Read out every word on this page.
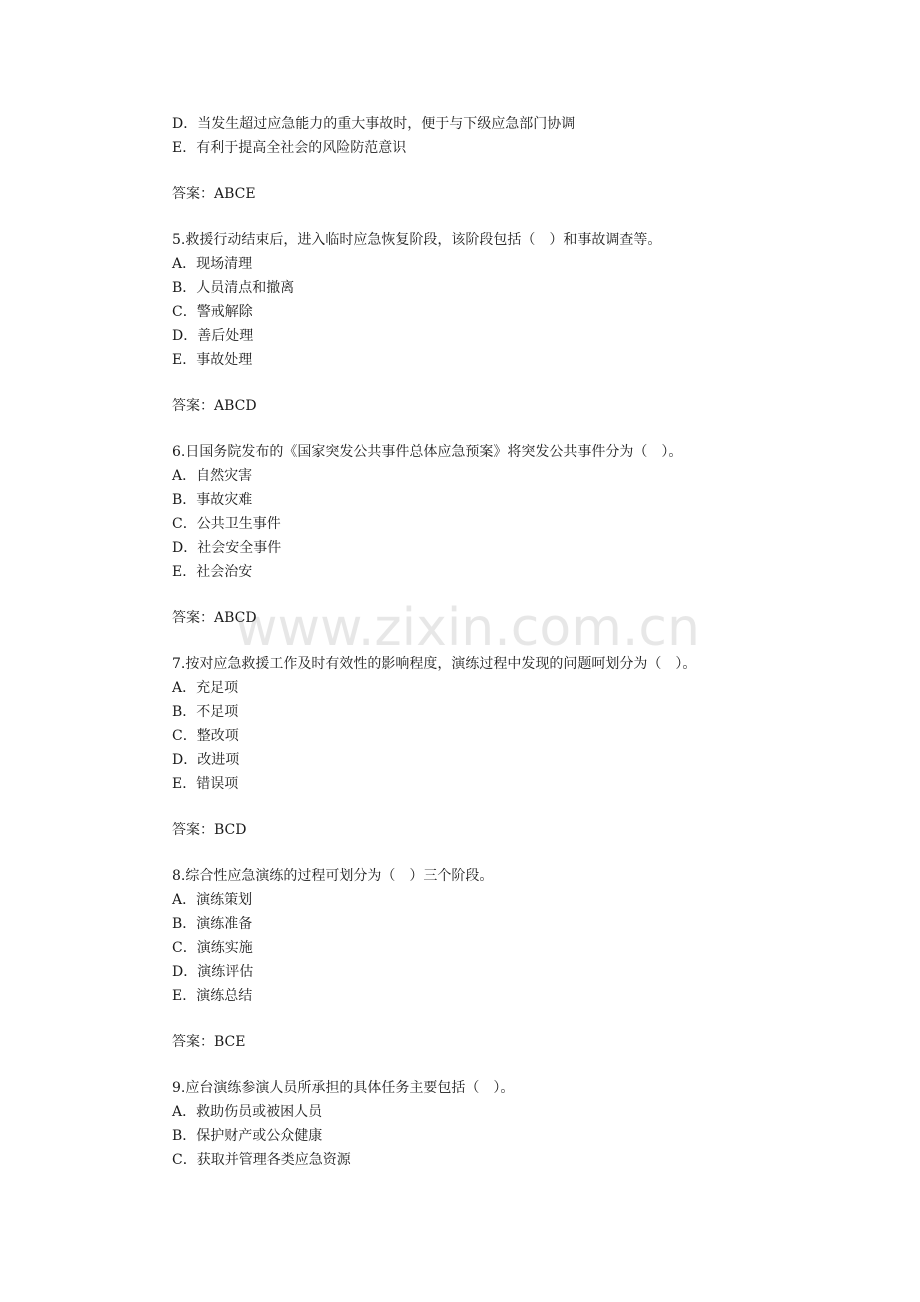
D．当发生超过应急能力的重大事故时，便于与下级应急部门协调
E．有利于提高全社会的风险防范意识
答案：ABCE
5.救援行动结束后，进入临时应急恢复阶段，该阶段包括（　）和事故调查等。
A．现场清理
B．人员清点和撤离
C．警戒解除
D．善后处理
E．事故处理
答案：ABCD
6.日国务院发布的《国家突发公共事件总体应急预案》将突发公共事件分为（　）。
A．自然灾害
B．事故灾难
C．公共卫生事件
D．社会安全事件
E．社会治安
答案：ABCD
7.按对应急救援工作及时有效性的影响程度，演练过程中发现的问题呵划分为（　）。
A．充足项
B．不足项
C．整改项
D．改进项
E．错误项
答案：BCD
8.综合性应急演练的过程可划分为（　）三个阶段。
A．演练策划
B．演练准备
C．演练实施
D．演练评估
E．演练总结
答案：BCE
9.应台演练参演人员所承担的具体任务主要包括（　）。
A．救助伤员或被困人员
B．保护财产或公众健康
C．获取并管理各类应急资源
www.zixin.com.cn
